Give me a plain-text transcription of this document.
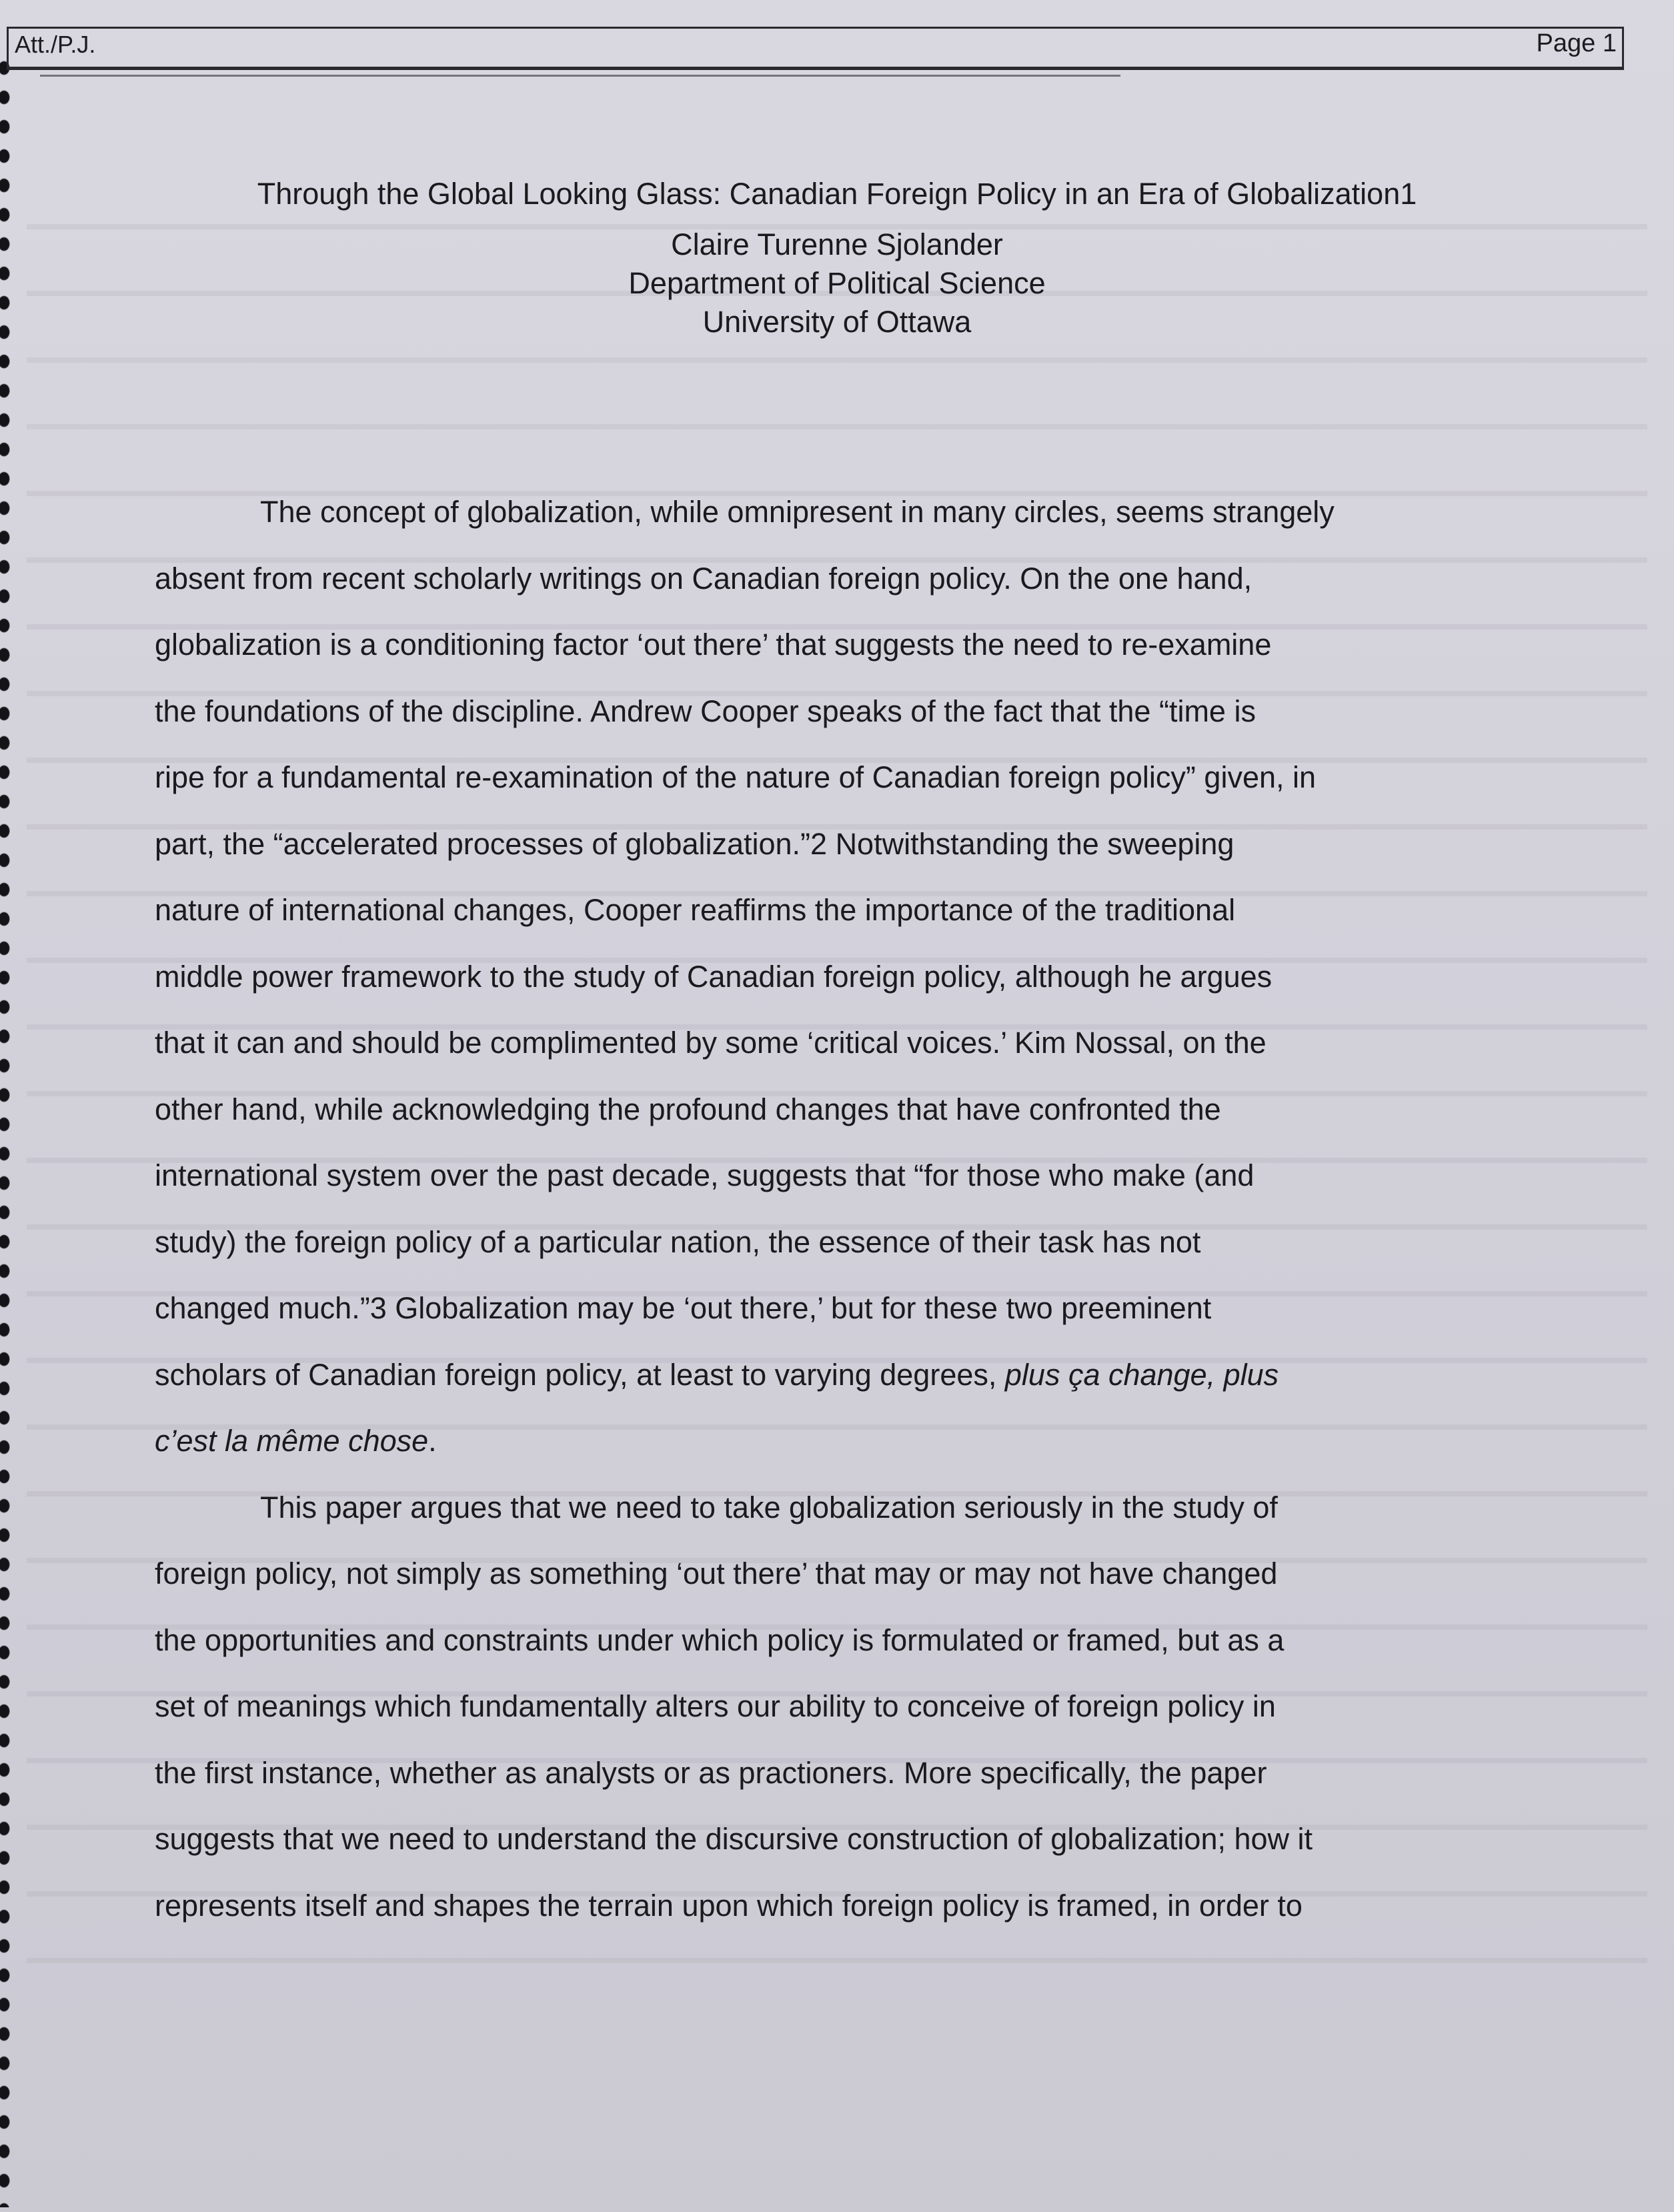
Att./P.J.	Page 1
Through the Global Looking Glass: Canadian Foreign Policy in an Era of Globalization1
Claire Turenne Sjolander
Department of Political Science
University of Ottawa
The concept of globalization, while omnipresent in many circles, seems strangely
absent from recent scholarly writings on Canadian foreign policy. On the one hand,
globalization is a conditioning factor ‘out there’ that suggests the need to re-examine
the foundations of the discipline. Andrew Cooper speaks of the fact that the “time is
ripe for a fundamental re-examination of the nature of Canadian foreign policy” given, in
part, the “accelerated processes of globalization.”2 Notwithstanding the sweeping
nature of international changes, Cooper reaffirms the importance of the traditional
middle power framework to the study of Canadian foreign policy, although he argues
that it can and should be complimented by some ‘critical voices.’ Kim Nossal, on the
other hand, while acknowledging the profound changes that have confronted the
international system over the past decade, suggests that “for those who make (and
study) the foreign policy of a particular nation, the essence of their task has not
changed much.”3 Globalization may be ‘out there,’ but for these two preeminent
scholars of Canadian foreign policy, at least to varying degrees, plus ça change, plus
c’est la même chose.
This paper argues that we need to take globalization seriously in the study of
foreign policy, not simply as something ‘out there’ that may or may not have changed
the opportunities and constraints under which policy is formulated or framed, but as a
set of meanings which fundamentally alters our ability to conceive of foreign policy in
the first instance, whether as analysts or as practioners. More specifically, the paper
suggests that we need to understand the discursive construction of globalization; how it
represents itself and shapes the terrain upon which foreign policy is framed, in order to
